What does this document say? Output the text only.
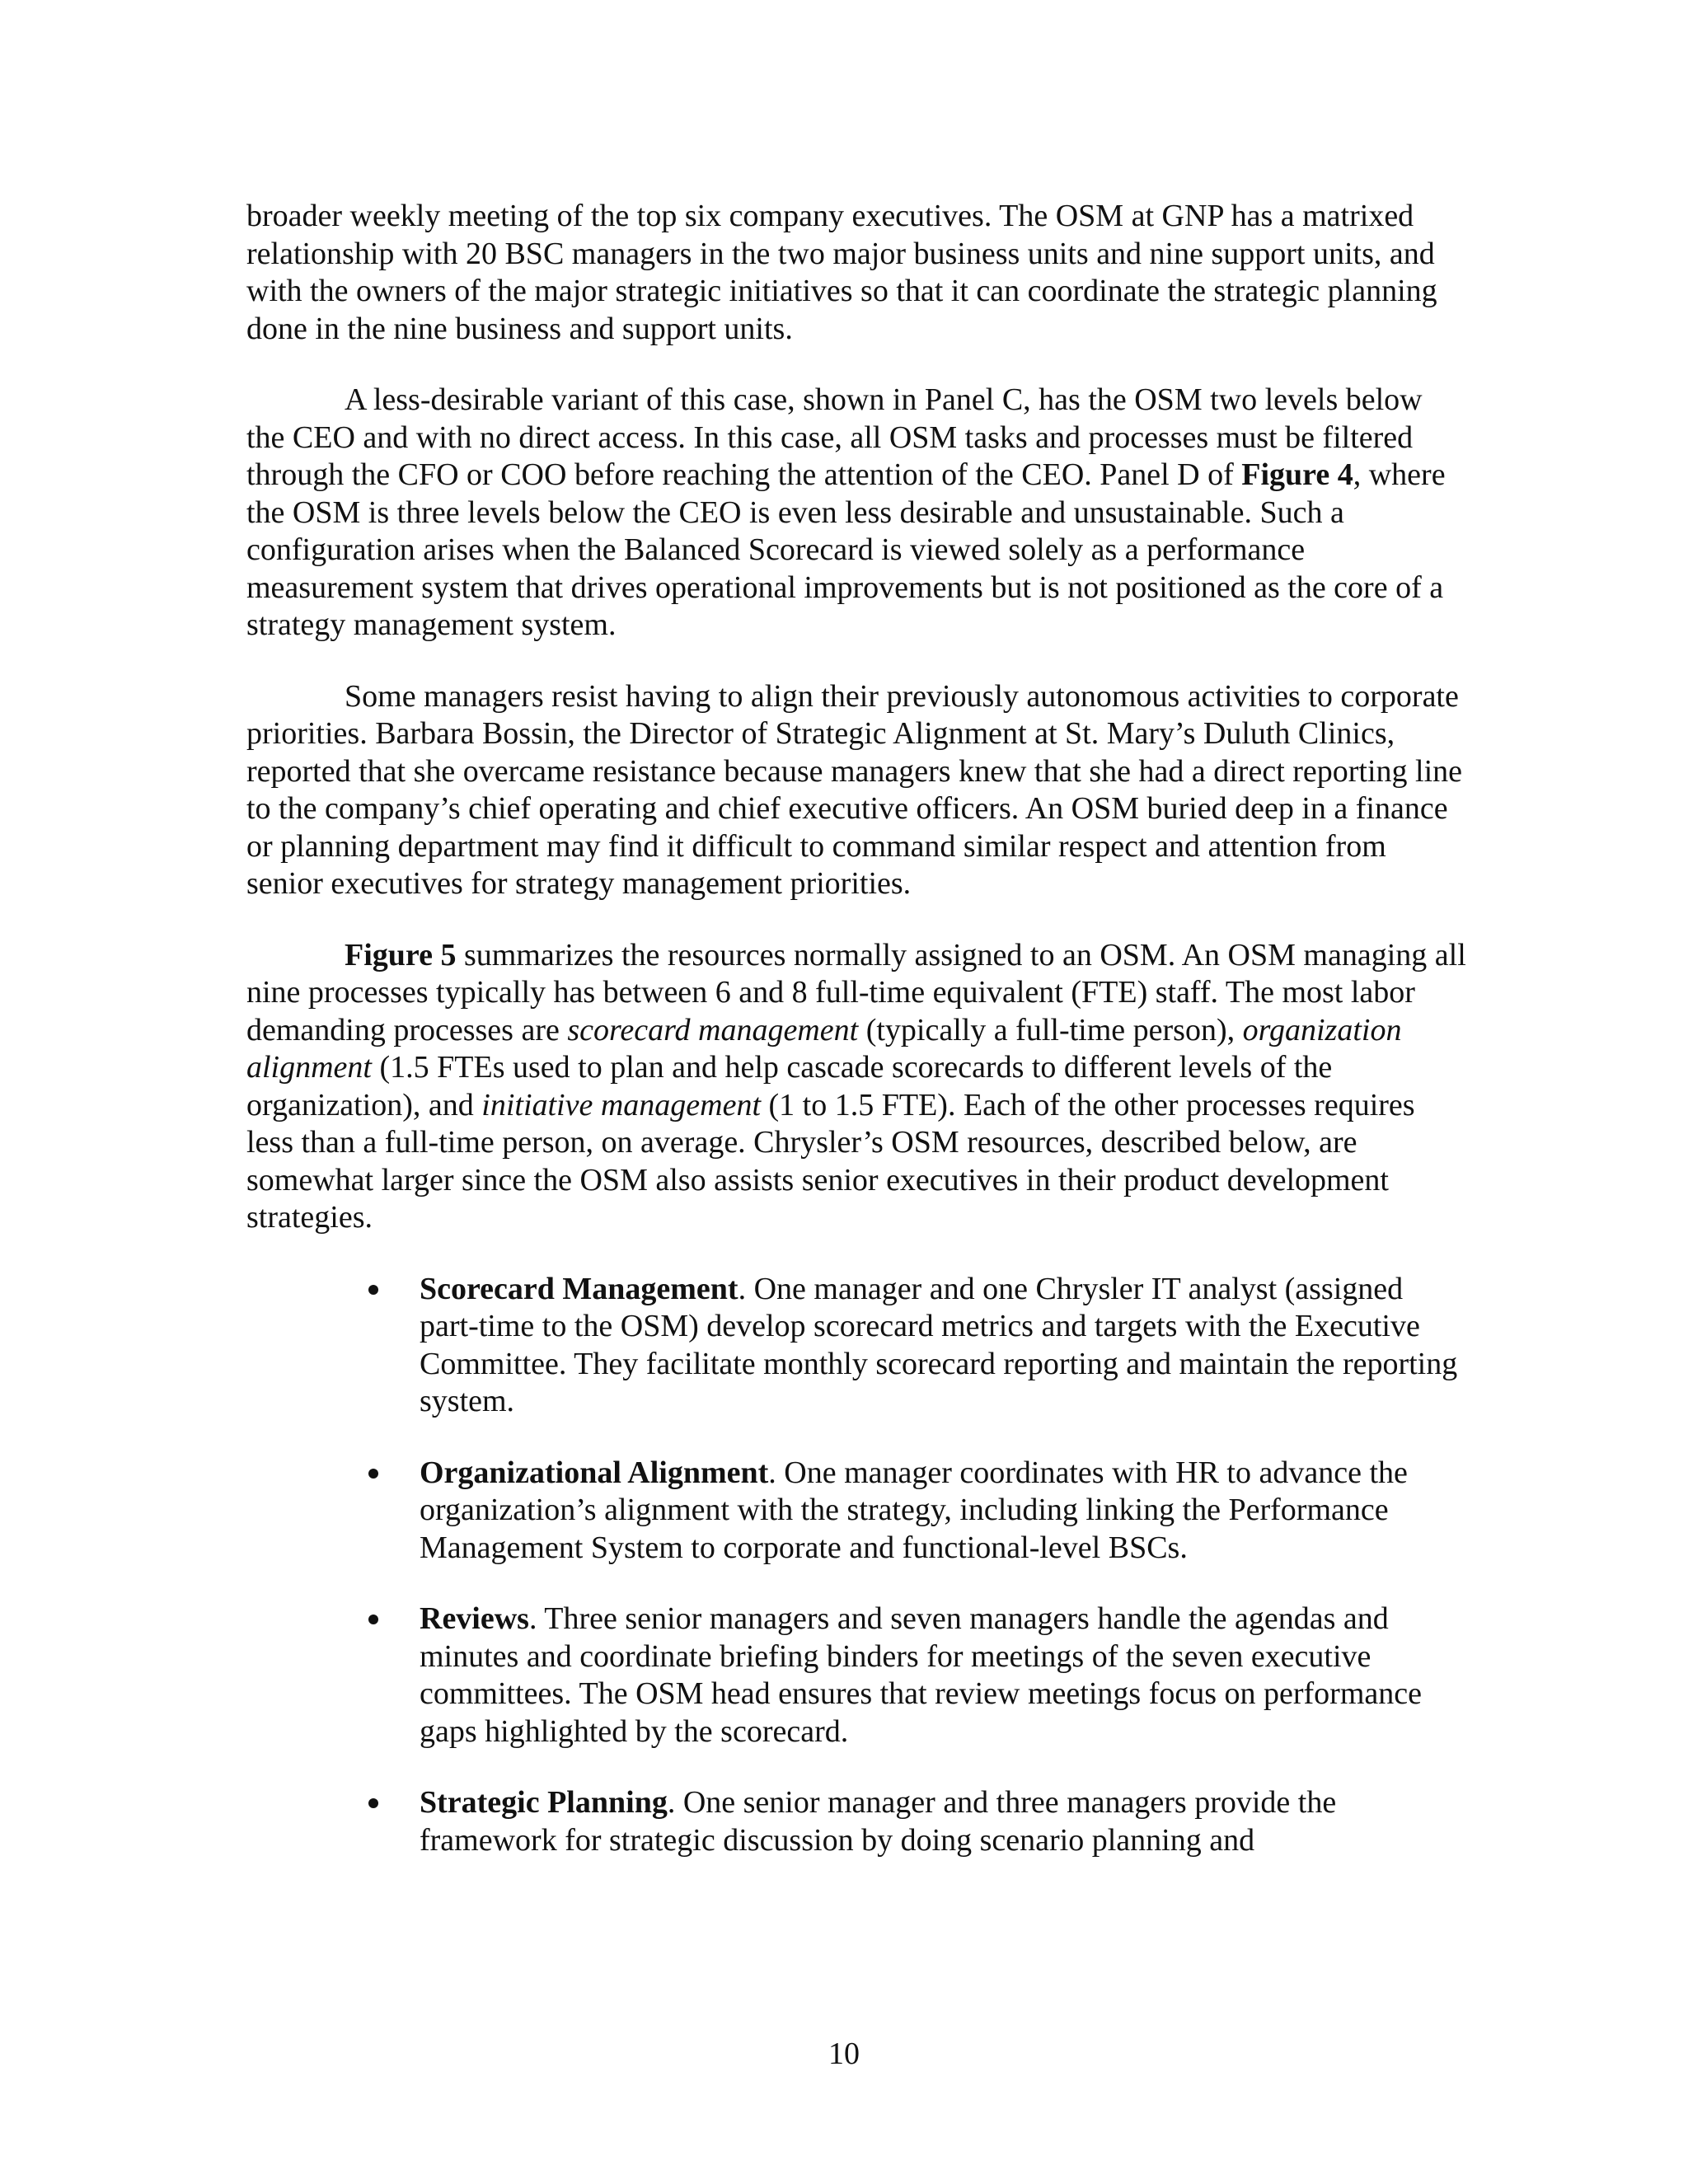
broader weekly meeting of the top six company executives. The OSM at GNP has a matrixed relationship with 20 BSC managers in the two major business units and nine support units, and with the owners of the major strategic initiatives so that it can coordinate the strategic planning done in the nine business and support units.

A less-desirable variant of this case, shown in Panel C, has the OSM two levels below the CEO and with no direct access. In this case, all OSM tasks and processes must be filtered through the CFO or COO before reaching the attention of the CEO. Panel D of Figure 4, where the OSM is three levels below the CEO is even less desirable and unsustainable. Such a configuration arises when the Balanced Scorecard is viewed solely as a performance measurement system that drives operational improvements but is not positioned as the core of a strategy management system.

Some managers resist having to align their previously autonomous activities to corporate priorities. Barbara Bossin, the Director of Strategic Alignment at St. Mary’s Duluth Clinics, reported that she overcame resistance because managers knew that she had a direct reporting line to the company’s chief operating and chief executive officers. An OSM buried deep in a finance or planning department may find it difficult to command similar respect and attention from senior executives for strategy management priorities.

Figure 5 summarizes the resources normally assigned to an OSM. An OSM managing all nine processes typically has between 6 and 8 full-time equivalent (FTE) staff. The most labor demanding processes are scorecard management (typically a full-time person), organization alignment (1.5 FTEs used to plan and help cascade scorecards to different levels of the organization), and initiative management (1 to 1.5 FTE). Each of the other processes requires less than a full-time person, on average. Chrysler’s OSM resources, described below, are somewhat larger since the OSM also assists senior executives in their product development strategies.

Scorecard Management. One manager and one Chrysler IT analyst (assigned part-time to the OSM) develop scorecard metrics and targets with the Executive Committee. They facilitate monthly scorecard reporting and maintain the reporting system.
Organizational Alignment. One manager coordinates with HR to advance the organization’s alignment with the strategy, including linking the Performance Management System to corporate and functional-level BSCs.
Reviews. Three senior managers and seven managers handle the agendas and minutes and coordinate briefing binders for meetings of the seven executive committees. The OSM head ensures that review meetings focus on performance gaps highlighted by the scorecard.
Strategic Planning. One senior manager and three managers provide the framework for strategic discussion by doing scenario planning and
10
